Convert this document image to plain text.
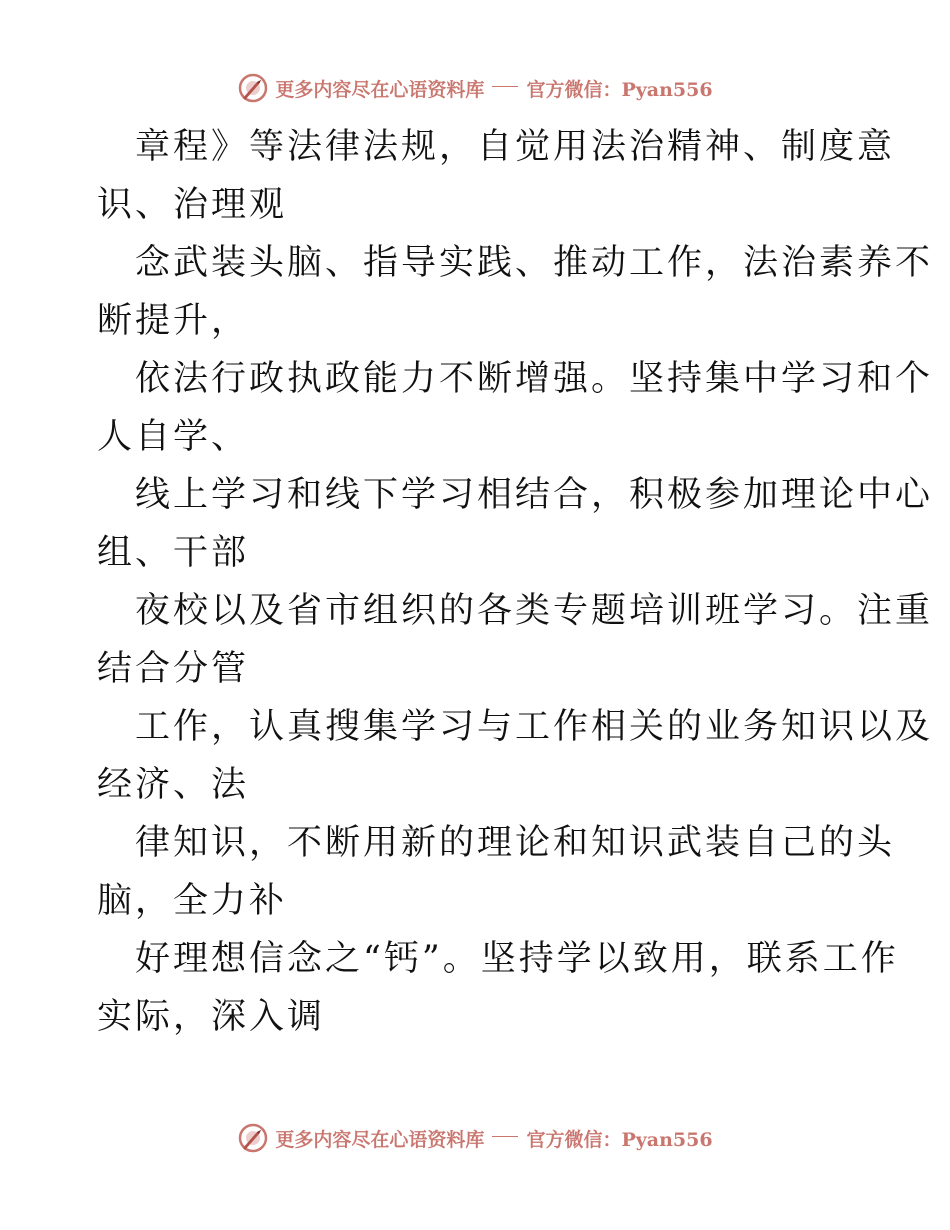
更多内容尽在心语资料库 官方微信：Pyan556
章程》等法律法规，自觉用法治精神、制度意
识、治理观
念武装头脑、指导实践、推动工作，法治素养不
断提升，
依法行政执政能力不断增强。坚持集中学习和个
人自学、
线上学习和线下学习相结合，积极参加理论中心
组、干部
夜校以及省市组织的各类专题培训班学习。注重
结合分管
工作，认真搜集学习与工作相关的业务知识以及
经济、法
律知识，不断用新的理论和知识武装自己的头
脑，全力补
好理想信念之“钙”。坚持学以致用，联系工作
实际，深入调
更多内容尽在心语资料库 官方微信：Pyan556
